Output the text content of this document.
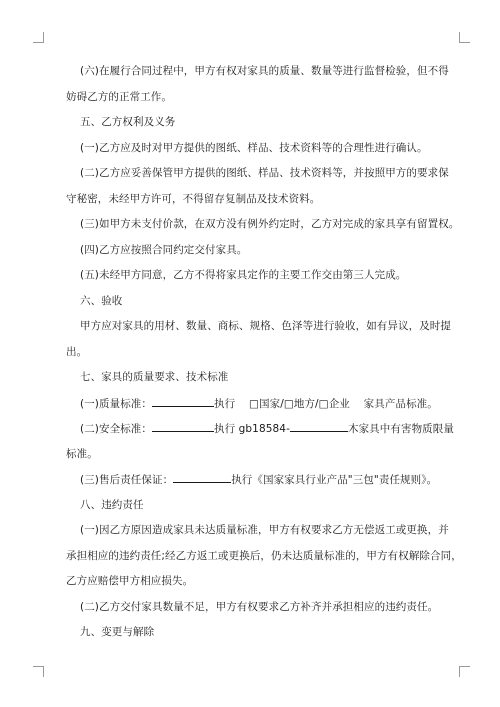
(六)在履行合同过程中，甲方有权对家具的质量、数量等进行监督检验，但不得
妨碍乙方的正常工作。
五、乙方权利及义务
(一)乙方应及时对甲方提供的图纸、样品、技术资料等的合理性进行确认。
(二)乙方应妥善保管甲方提供的图纸、样品、技术资料等，并按照甲方的要求保
守秘密，未经甲方许可，不得留存复制品及技术资料。
(三)如甲方未支付价款，在双方没有例外约定时，乙方对完成的家具享有留置权。
(四)乙方应按照合同约定交付家具。
(五)未经甲方同意，乙方不得将家具定作的主要工作交由第三人完成。
六、验收
甲方应对家具的用材、数量、商标、规格、色泽等进行验收，如有异议，及时提
出。
七、家具的质量要求、技术标准
(一)质量标准：	执行 □国家/□地方/□企业 家具产品标准。
(二)安全标准：	执行 gb18584-	木家具中有害物质限量
标准。
(三)售后责任保证：	执行《国家家具行业产品"三包"责任规则》。
八、违约责任
(一)因乙方原因造成家具未达质量标准，甲方有权要求乙方无偿返工或更换，并
承担相应的违约责任;经乙方返工或更换后，仍未达质量标准的，甲方有权解除合同，
乙方应赔偿甲方相应损失。
(二)乙方交付家具数量不足，甲方有权要求乙方补齐并承担相应的违约责任。
九、变更与解除
